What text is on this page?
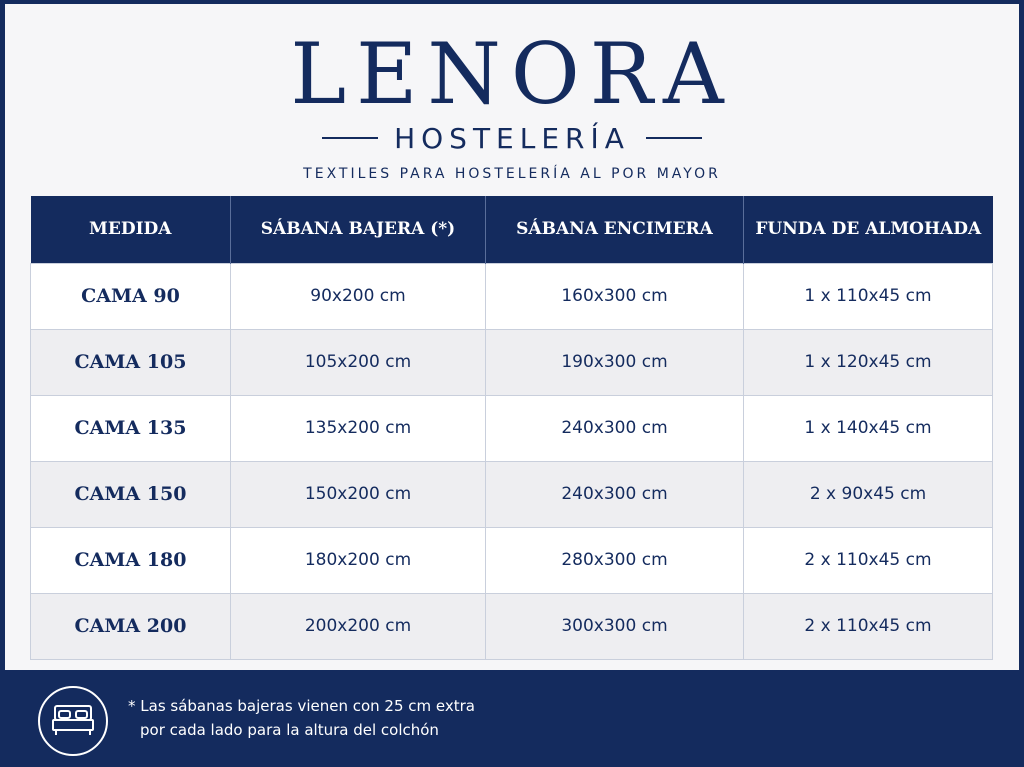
LENORA
HOSTELERÍA
TEXTILES PARA HOSTELERÍA AL POR MAYOR
MEDIDA	SÁBANA BAJERA (*)	SÁBANA ENCIMERA	FUNDA DE ALMOHADA
CAMA 90	90x200 cm	160x300 cm	1 x 110x45 cm
CAMA 105	105x200 cm	190x300 cm	1 x 120x45 cm
CAMA 135	135x200 cm	240x300 cm	1 x 140x45 cm
CAMA 150	150x200 cm	240x300 cm	2 x 90x45 cm
CAMA 180	180x200 cm	280x300 cm	2 x 110x45 cm
CAMA 200	200x200 cm	300x300 cm	2 x 110x45 cm
* Las sábanas bajeras vienen con 25 cm extra
por cada lado para la altura del colchón
